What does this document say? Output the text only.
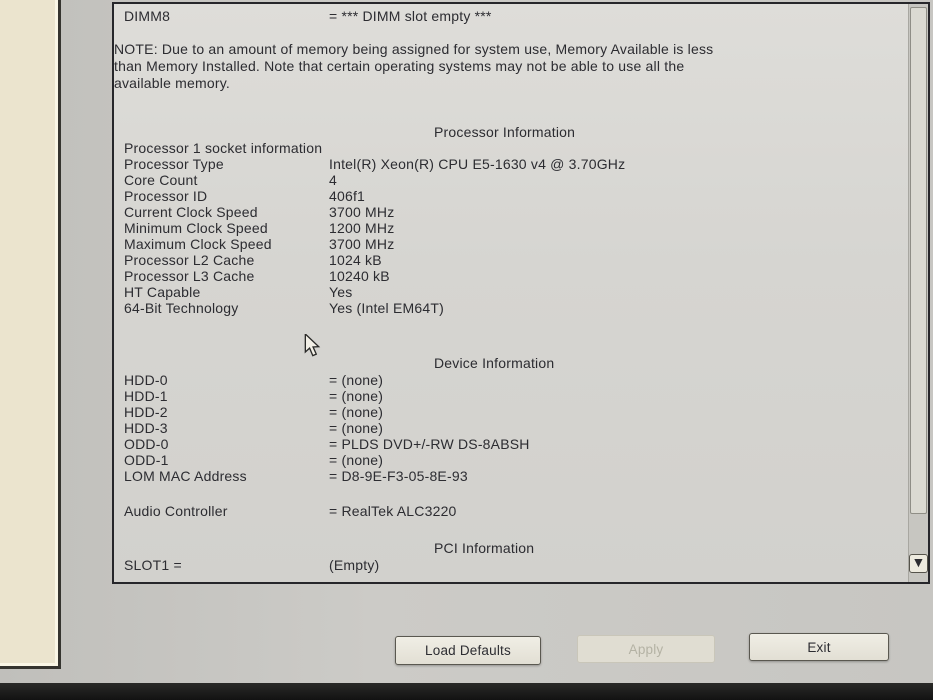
DIMM8	= *** DIMM slot empty ***
NOTE: Due to an amount of memory being assigned for system use, Memory Available is less
than Memory Installed. Note that certain operating systems may not be able to use all the
available memory.
Processor Information
Processor 1 socket information
Processor Type	Intel(R) Xeon(R) CPU E5-1630 v4 @ 3.70GHz
Core Count	4
Processor ID	406f1
Current Clock Speed	3700 MHz
Minimum Clock Speed	1200 MHz
Maximum Clock Speed	3700 MHz
Processor L2 Cache	1024 kB
Processor L3 Cache	10240 kB
HT Capable	Yes
64-Bit Technology	Yes (Intel EM64T)
Device Information
HDD-0	= (none)
HDD-1	= (none)
HDD-2	= (none)
HDD-3	= (none)
ODD-0	= PLDS DVD+/-RW DS-8ABSH
ODD-1	= (none)
LOM MAC Address	= D8-9E-F3-05-8E-93
Audio Controller	= RealTek ALC3220
PCI Information
SLOT1 =	(Empty)	▼
Load Defaults	Apply	Exit
